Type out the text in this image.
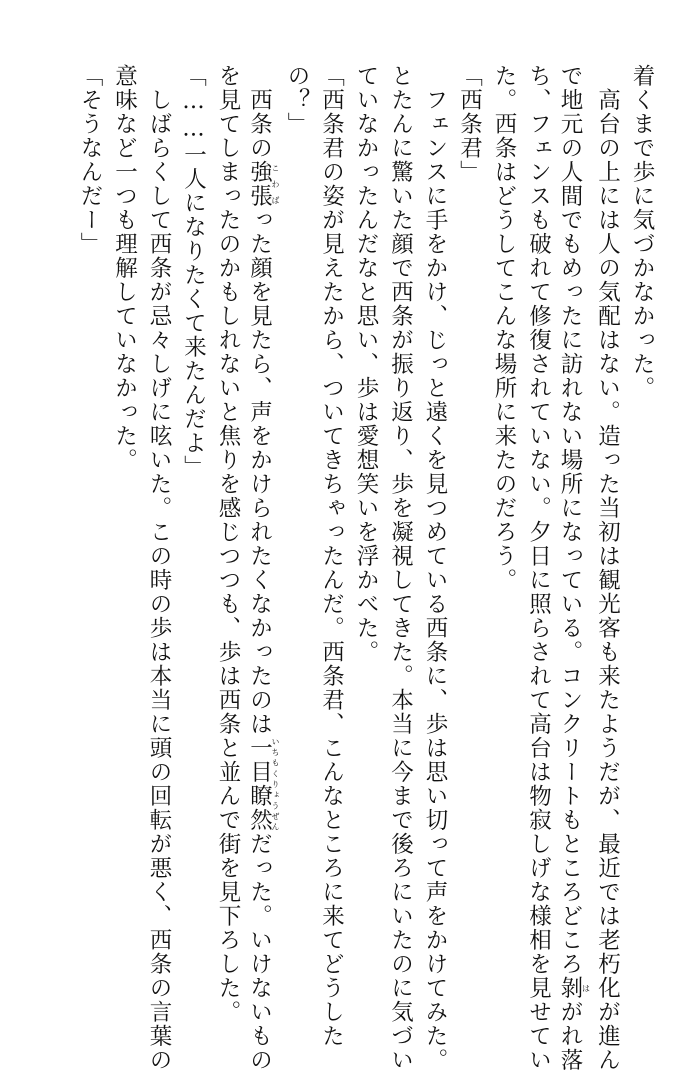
着くまで歩に気づかなかった。
高台の上には人の気配はない。造った当初は観光客も来たようだが、最近では老朽化が進ん
で地元の人間でもめったに訪れない場所になっている。コンクリートもところどころ剝はがれ落
ち、フェンスも破れて修復されていない。夕日に照らされて高台は物寂しげな様相を見せてい
た。西条はどうしてこんな場所に来たのだろう。
「西条君」
フェンスに手をかけ、じっと遠くを見つめている西条に、歩は思い切って声をかけてみた。
とたんに驚いた顔で西条が振り返り、歩を凝視してきた。本当に今まで後ろにいたのに気づい
ていなかったんだなと思い、歩は愛想笑いを浮かべた。
「西条君の姿が見えたから、ついてきちゃったんだ。西条君、こんなところに来てどうした
の？」
西条の強張こわばった顔を見たら、声をかけられたくなかったのは一目瞭然いちもくりょうぜんだった。いけないもの
を見てしまったのかもしれないと焦りを感じつつも、歩は西条と並んで街を見下ろした。
「……一人になりたくて来たんだよ」
しばらくして西条が忌々しげに呟いた。この時の歩は本当に頭の回転が悪く、西条の言葉の
意味など一つも理解していなかった。
「そうなんだー」
